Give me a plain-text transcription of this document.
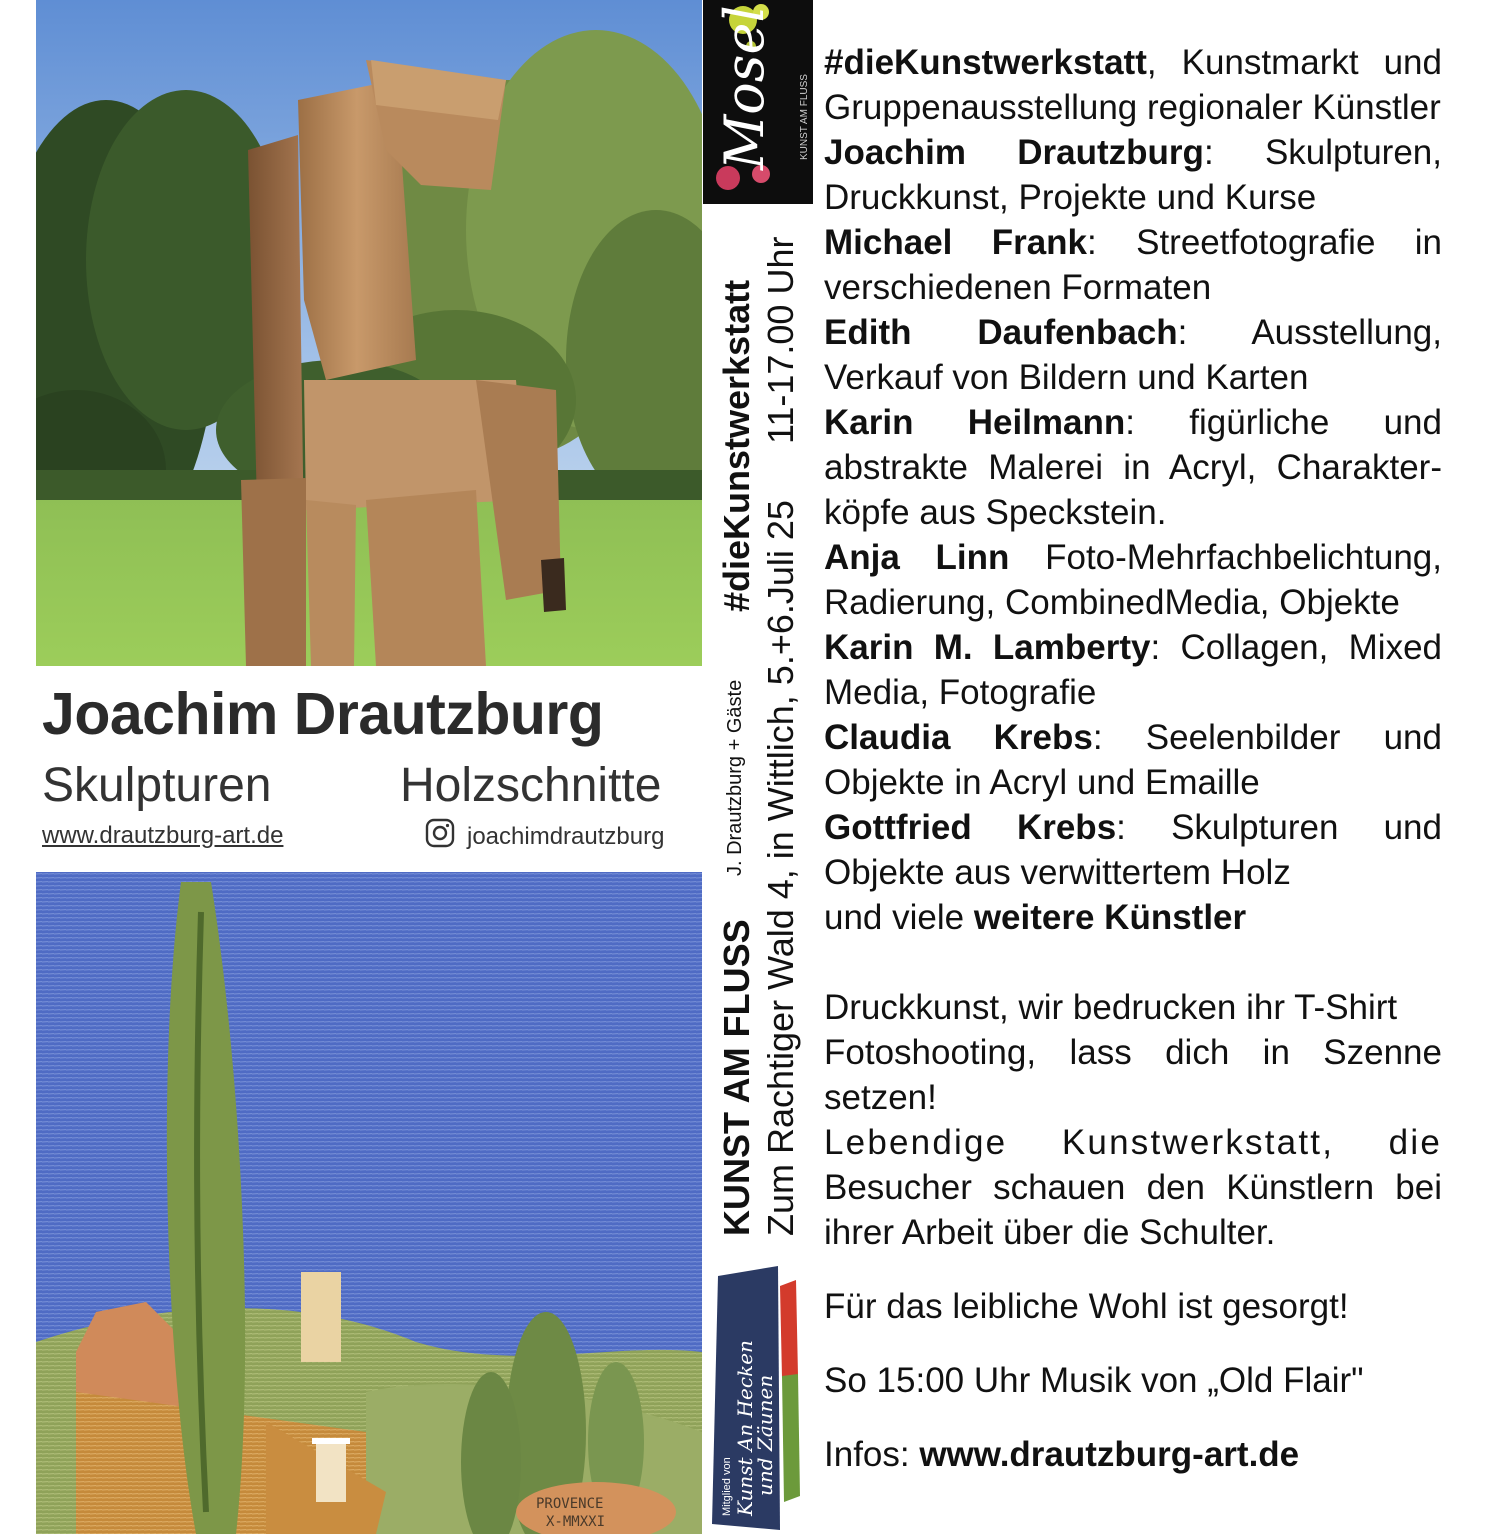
Joachim Drautzburg
Skulpturen	Holzschnitte
www.drautzburg-art.de	joachimdrautzburg
PROVENCE
X-MMXXI
Mosel KUNST AM FLUSS
KUNST AM FLUSS
J. Drautzburg + Gäste
#dieKunstwerkstatt
Zum Rachtiger Wald 4, in Wittlich, 5.+6.Juli 25
11-17.00 Uhr
Mitglied von Kunst An Hecken
und Zäunen

#dieKunstwerkstatt, Kunstmarkt und Gruppenausstellung regionaler Künstler

Joachim Drautzburg: Skulpturen, Druckkunst, Projekte und Kurse

Michael Frank: Streetfotografie in verschiedenen Formaten

Edith Daufenbach: Ausstellung, Verkauf von Bildern und Karten

Karin Heilmann: figürliche und abstrakte Malerei in Acryl, Charakter-köpfe aus Speckstein.

Anja Linn Foto-Mehrfachbelichtung, Radierung, CombinedMedia, Objekte

Karin M. Lamberty: Collagen, Mixed Media, Fotografie

Claudia Krebs: Seelenbilder und Objekte in Acryl und Emaille

Gottfried Krebs: Skulpturen und Objekte aus verwittertem Holz

und viele weitere Künstler

Druckkunst, wir bedrucken ihr T-Shirt

Fotoshooting, lass dich in Szenne setzen!

Lebendige Kunstwerkstatt, die

Besucher schauen den Künstlern bei ihrer Arbeit über die Schulter.

Für das leibliche Wohl ist gesorgt!

So 15:00 Uhr Musik von „Old Flair"

Infos: www.drautzburg-art.de
